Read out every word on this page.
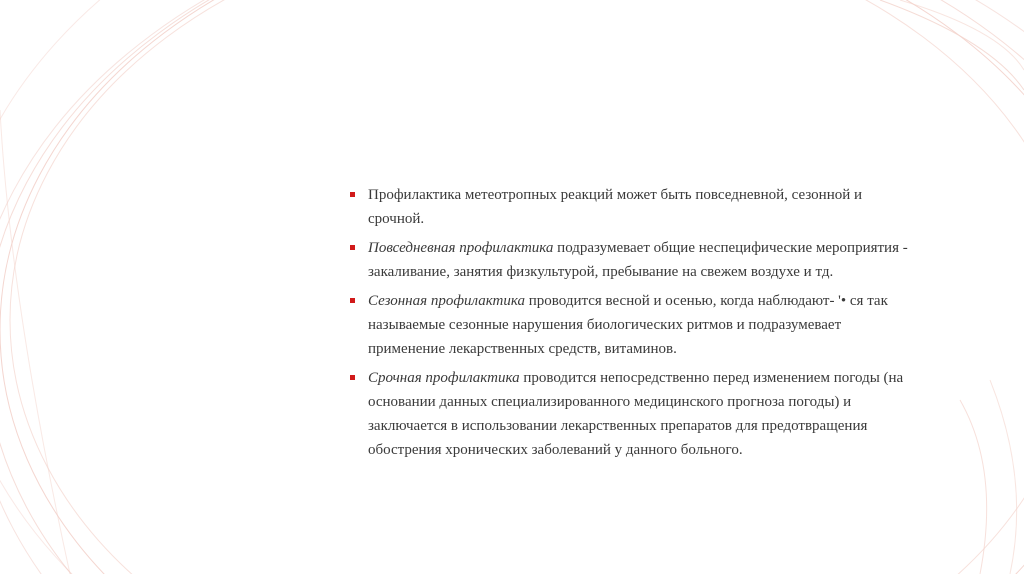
Профилактика метеотропных реакций может быть повседневной, сезонной и срочной.
Повседневная профилактика подразумевает общие неспецифические мероприятия - закаливание, занятия физкультурой, пребывание на свежем воздухе и тд.
Сезонная профилактика проводится весной и осенью, когда наблюдают- '• ся так называемые сезонные нарушения биологических ритмов и подразумевает применение лекарственных средств, витаминов.
Срочная профилактика проводится непосредственно перед изменением погоды (на основании данных специализированного медицинского прогноза погоды) и заключается в использовании лекарственных препаратов для предотвращения обострения хронических заболеваний у данного больного.
